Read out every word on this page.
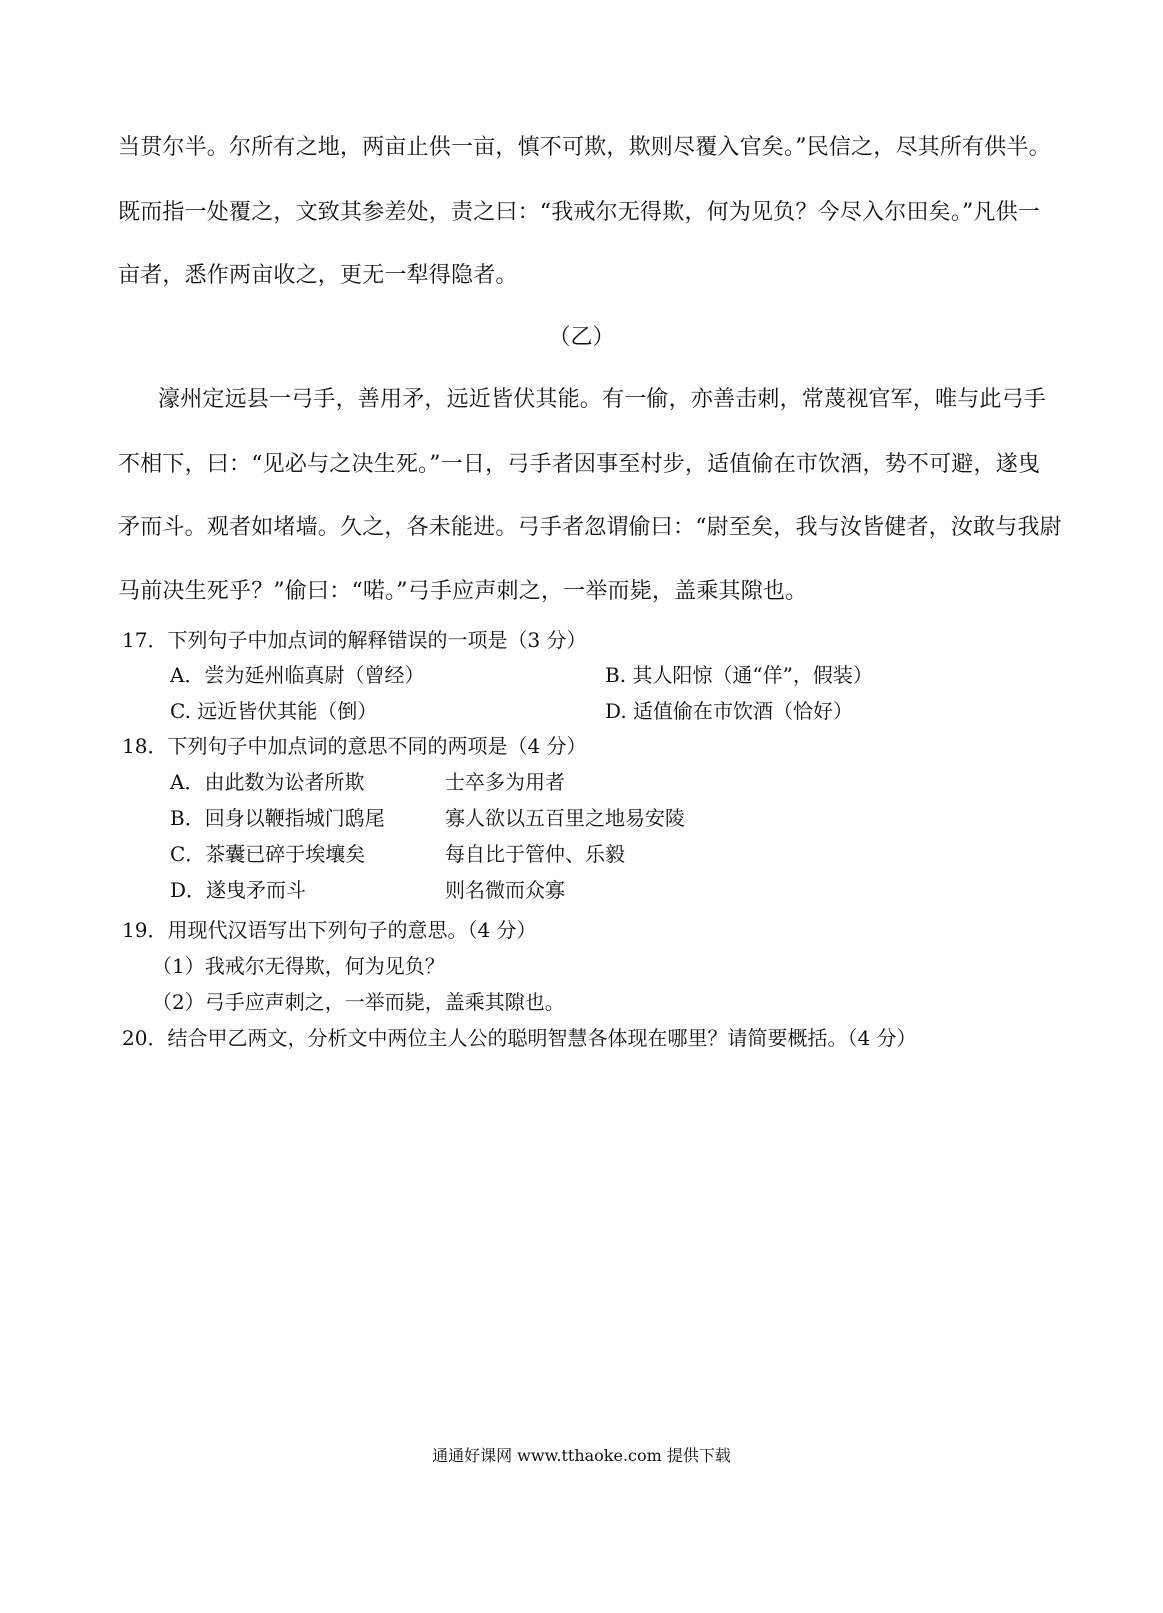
当贯尔半。尔所有之地，两亩止供一亩，慎不可欺，欺则尽覆入官矣。”民信之，尽其所有供半。
既而指一处覆之，文致其参差处，责之曰：“我戒尔无得欺，何为见负？今尽入尔田矣。”凡供一
亩者，悉作两亩收之，更无一犁得隐者。
（乙）
濠州定远县一弓手，善用矛，远近皆伏其能。有一偷，亦善击刺，常蔑视官军，唯与此弓手
不相下，曰：“见必与之决生死。”一日，弓手者因事至村步，适值偷在市饮酒，势不可避，遂曳
矛而斗。观者如堵墙。久之，各未能进。弓手者忽谓偷曰：“尉至矣，我与汝皆健者，汝敢与我尉
马前决生死乎？”偷曰：“喏。”弓手应声刺之，一举而毙，盖乘其隙也。
17．下列句子中加点词的解释错误的一项是（3 分）
A．尝为延州临真尉（曾经）	B. 其人阳惊（通“佯”，假装）
C. 远近皆伏其能（倒）	D. 适值偷在市饮酒（恰好）
18．下列句子中加点词的意思不同的两项是（4 分）
A．由此数为讼者所欺	士卒多为用者
B．回身以鞭指城门鸱尾	寡人欲以五百里之地易安陵
C．茶囊已碎于埃壤矣	每自比于管仲、乐毅
D．遂曳矛而斗	则名微而众寡
19．用现代汉语写出下列句子的意思。（4 分）
（1）我戒尔无得欺，何为见负？
（2）弓手应声刺之，一举而毙，盖乘其隙也。
20．结合甲乙两文，分析文中两位主人公的聪明智慧各体现在哪里？请简要概括。（4 分）
通通好课网 www.tthaoke.com 提供下载
